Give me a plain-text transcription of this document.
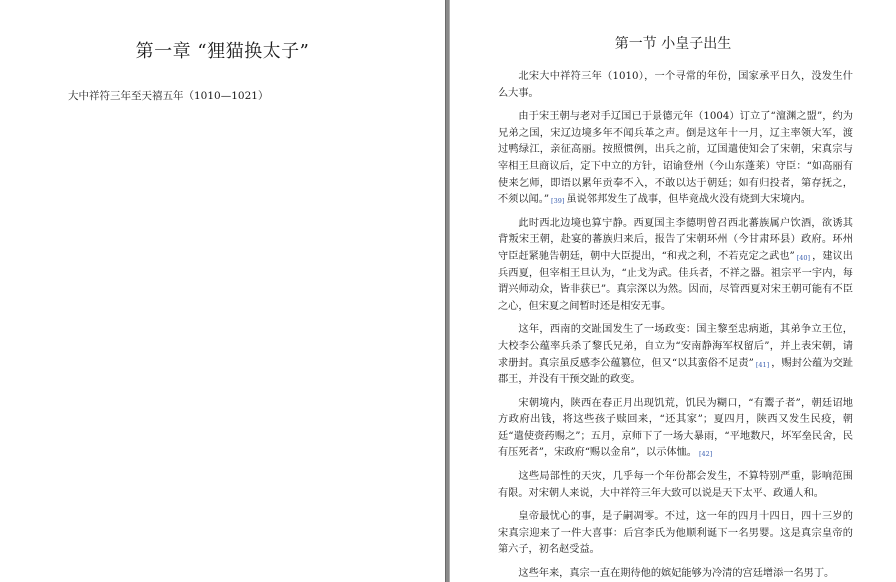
第一章 “狸猫换太子”
大中祥符三年至天禧五年（1010—1021）
第一节 小皇子出生

北宋大中祥符三年（1010），一个寻常的年份，国家承平日久，没发生什么大事。

由于宋王朝与老对手辽国已于景德元年（1004）订立了“澶渊之盟”，约为兄弟之国，宋辽边境多年不闻兵革之声。倒是这年十一月，辽主率领大军，渡过鸭绿江，亲征高丽。按照惯例，出兵之前，辽国遣使知会了宋朝，宋真宗与宰相王旦商议后，定下中立的方针，诏谕登州（今山东蓬莱）守臣：“如高丽有使来乞师，即语以累年贡奉不入，不敢以达于朝廷；如有归投者，第存抚之，不须以闻。” [39] 虽说邻邦发生了战事，但毕竟战火没有烧到大宋境内。

此时西北边境也算宁静。西夏国主李德明曾召西北蕃族属户饮酒，欲诱其背叛宋王朝，赴宴的蕃族归来后，报告了宋朝环州（今甘肃环县）政府。环州守臣赶紧驰告朝廷，朝中大臣提出，“和戎之利，不若克定之武也” [40] ，建议出兵西夏，但宰相王旦认为，“止戈为武。佳兵者，不祥之器。祖宗平一宇内，每谓兴师动众，皆非获已”。真宗深以为然。因而，尽管西夏对宋王朝可能有不臣之心，但宋夏之间暂时还是相安无事。

这年，西南的交趾国发生了一场政变：国主黎至忠病逝，其弟争立王位，大校李公蕴率兵杀了黎氏兄弟，自立为“安南静海军权留后”，并上表宋朝，请求册封。真宗虽反感李公蕴篡位，但又“以其蛮俗不足责” [41] ，赐封公蕴为交趾郡王，并没有干预交趾的政变。

宋朝境内，陕西在春正月出现饥荒，饥民为糊口，“有鬻子者”，朝廷诏地方政府出钱，将这些孩子赎回来，“还其家”；夏四月，陕西又发生民疫，朝廷“遣使赍药赐之”；五月，京师下了一场大暴雨，“平地数尺，坏军垒民舍，民有压死者”，宋政府“赐以金帛”，以示体恤。 [42]

这些局部性的天灾，几乎每一个年份都会发生，不算特别严重，影响范围有限。对宋朝人来说，大中祥符三年大致可以说是天下太平、政通人和。

皇帝最忧心的事，是子嗣凋零。不过，这一年的四月十四日，四十三岁的宋真宗迎来了一件大喜事：后宫李氏为他顺利诞下一名男婴。这是真宗皇帝的第六子，初名赵受益。

这些年来，真宗一直在期待他的嫔妃能够为冷清的宫廷增添一名男丁。
